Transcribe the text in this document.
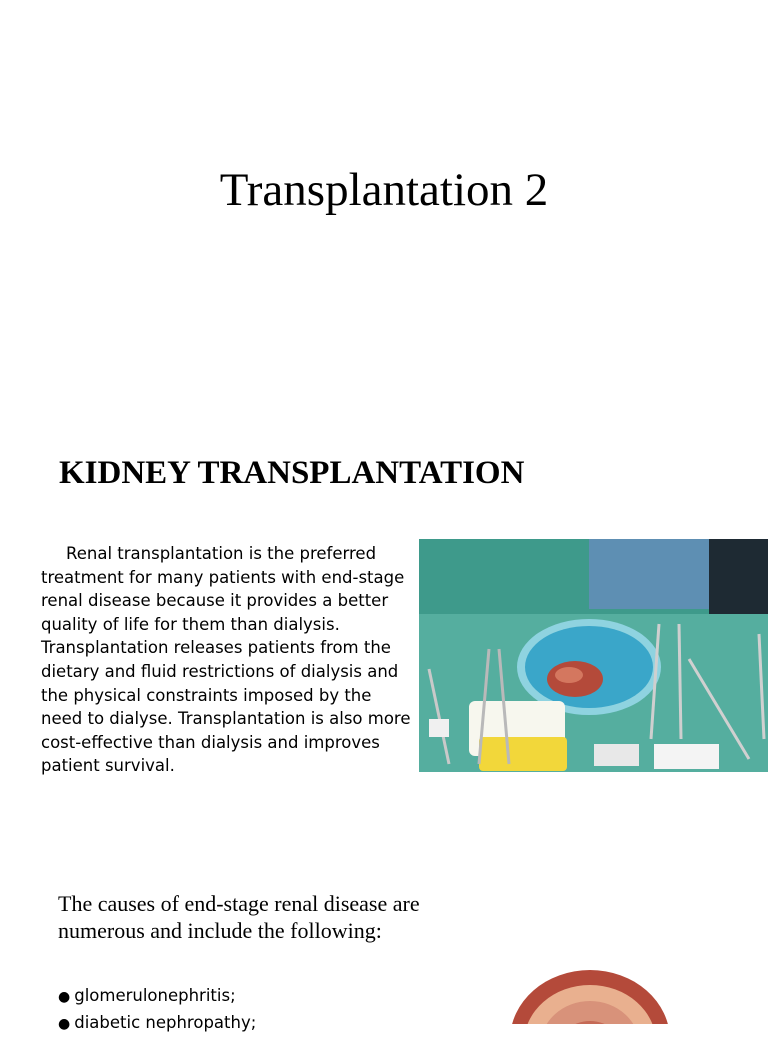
Transplantation 2
KIDNEY TRANSPLANTATION
Renal transplantation is the preferred treatment for many patients with end-stage renal disease because it provides a better quality of life for them than dialysis. Transplantation releases patients from the dietary and fluid restrictions of dialysis and the physical constraints imposed by the need to dialyse. Transplantation is also more cost-effective than dialysis and improves patient survival.
The causes of end-stage renal disease are numerous and include the following:
● glomerulonephritis;
● diabetic nephropathy;
